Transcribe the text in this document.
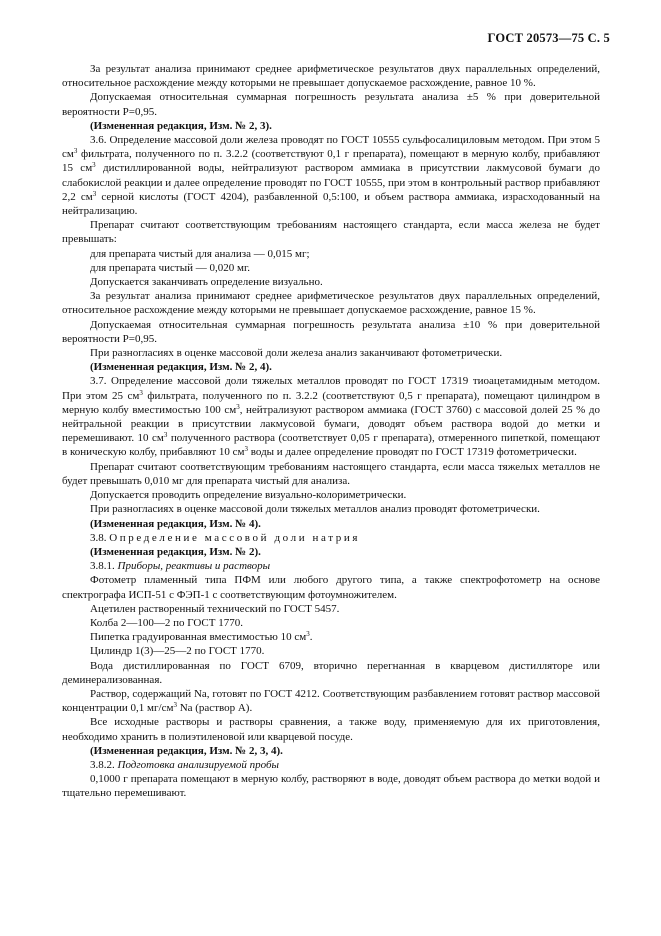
ГОСТ 20573—75 С. 5

За результат анализа принимают среднее арифметическое результатов двух параллельных определений, относительное расхождение между которыми не превышает допускаемое расхождение, равное 10 %.

Допускаемая относительная суммарная погрешность результата анализа ±5 % при доверительной вероятности Р=0,95.

(Измененная редакция, Изм. № 2, 3).

3.6. Определение массовой доли железа проводят по ГОСТ 10555 сульфосалициловым методом. При этом 5 $см^3$ фильтрата, полученного по п. 3.2.2 (соответствуют 0,1 г препарата), помещают в мерную колбу, прибавляют 15 $см^3$ дистиллированной воды, нейтрализуют раствором аммиака в присутствии лакмусовой бумаги до слабокислой реакции и далее определение проводят по ГОСТ 10555, при этом в контрольный раствор прибавляют 2,2 $см^3$ серной кислоты (ГОСТ 4204), разбавленной 0,5:100, и объем раствора аммиака, израсходованный на нейтрализацию.

Препарат считают соответствующим требованиям настоящего стандарта, если масса железа не будет превышать:

для препарата чистый для анализа — 0,015 мг;

для препарата чистый — 0,020 мг.

Допускается заканчивать определение визуально.

За результат анализа принимают среднее арифметическое результатов двух параллельных определений, относительное расхождение между которыми не превышает допускаемое расхождение, равное 15 %.

Допускаемая относительная суммарная погрешность результата анализа ±10 % при доверительной вероятности Р=0,95.

При разногласиях в оценке массовой доли железа анализ заканчивают фотометрически.

(Измененная редакция, Изм. № 2, 4).

3.7. Определение массовой доли тяжелых металлов проводят по ГОСТ 17319 тиоацетамидным методом. При этом 25 $см^3$ фильтрата, полученного по п. 3.2.2 (соответствуют 0,5 г препарата), помещают цилиндром в мерную колбу вместимостью 100 $см^3$, нейтрализуют раствором аммиака (ГОСТ 3760) с массовой долей 25 % до нейтральной реакции в присутствии лакмусовой бумаги, доводят объем раствора водой до метки и перемешивают. 10 $см^3$ полученного раствора (соответствует 0,05 г препарата), отмеренного пипеткой, помещают в коническую колбу, прибавляют 10 $см^3$ воды и далее определение проводят по ГОСТ 17319 фотометрически.

Препарат считают соответствующим требованиям настоящего стандарта, если масса тяжелых металлов не будет превышать 0,010 мг для препарата чистый для анализа.

Допускается проводить определение визуально-колориметрически.

При разногласиях в оценке массовой доли тяжелых металлов анализ проводят фотометрически.

(Измененная редакция, Изм. № 4).

3.8. Определение массовой доли натрия

(Измененная редакция, Изм. № 2).

3.8.1. Приборы, реактивы и растворы

Фотометр пламенный типа ПФМ или любого другого типа, а также спектрофотометр на основе спектрографа ИСП-51 с ФЭП-1 с соответствующим фотоумножителем.

Ацетилен растворенный технический по ГОСТ 5457.

Колба 2—100—2 по ГОСТ 1770.

Пипетка градуированная вместимостью 10 $см^3$.

Цилиндр 1(3)—25—2 по ГОСТ 1770.

Вода дистиллированная по ГОСТ 6709, вторично перегнанная в кварцевом дистилляторе или деминерализованная.

Раствор, содержащий Na, готовят по ГОСТ 4212. Соответствующим разбавлением готовят раствор массовой концентрации 0,1 $мг/см^3$ Na (раствор А).

Все исходные растворы и растворы сравнения, а также воду, применяемую для их приготовления, необходимо хранить в полиэтиленовой или кварцевой посуде.

(Измененная редакция, Изм. № 2, 3, 4).

3.8.2. Подготовка анализируемой пробы

0,1000 г препарата помещают в мерную колбу, растворяют в воде, доводят объем раствора до метки водой и тщательно перемешивают.
